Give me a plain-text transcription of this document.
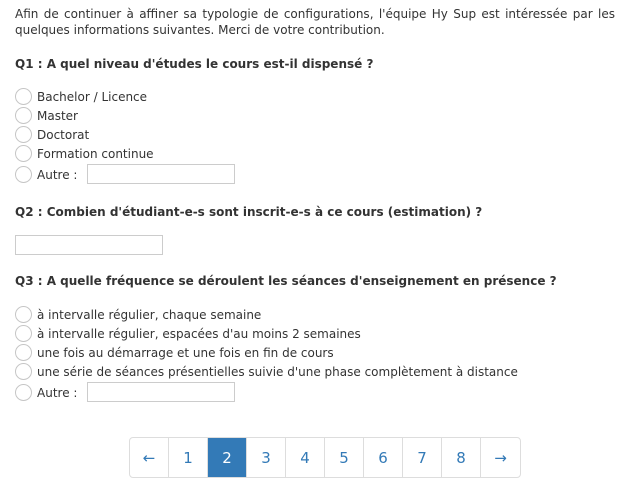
Afin de continuer à affiner sa typologie de configurations, l'équipe Hy Sup est intéressée par les quelques informations suivantes. Merci de votre contribution.
Q1 : A quel niveau d'études le cours est-il dispensé ?
Bachelor / Licence
Master
Doctorat
Formation continue
Autre :
Q2 : Combien d'étudiant-e-s sont inscrit-e-s à ce cours (estimation) ?
Q3 : A quelle fréquence se déroulent les séances d'enseignement en présence ?
à intervalle régulier, chaque semaine
à intervalle régulier, espacées d'au moins 2 semaines
une fois au démarrage et une fois en fin de cours
une série de séances présentielles suivie d'une phase complètement à distance
Autre :
←	1	2	3	4	5	6	7	8	→
